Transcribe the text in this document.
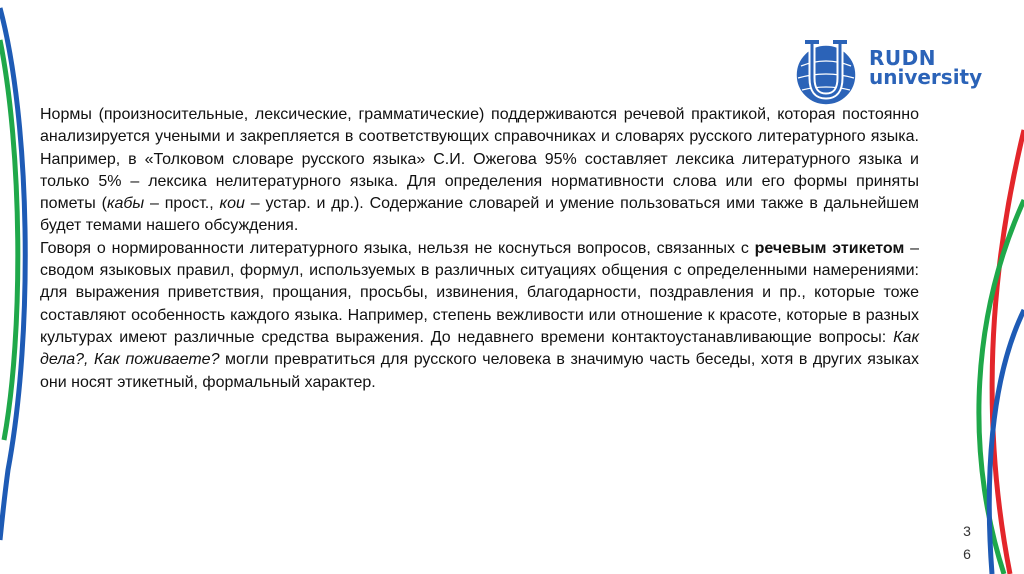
RUDN
university

Нормы (произносительные, лексические, грамматические) поддерживаются речевой практикой, которая постоянно анализируется учеными и закрепляется в соответствующих справочниках и словарях русского литературного языка. Например, в «Толковом словаре русского языка» С.И. Ожегова 95% составляет лексика литературного языка и только 5% – лексика нелитературного языка. Для определения нормативности слова или его формы приняты пометы (кабы – прост., кои – устар. и др.). Содержание словарей и умение пользоваться ими также в дальнейшем будет темами нашего обсуждения.

Говоря о нормированности литературного языка, нельзя не коснуться вопросов, связанных с речевым этикетом – сводом языковых правил, формул, используемых в различных ситуациях общения с определенными намерениями: для выражения приветствия, прощания, просьбы, извинения, благодарности, поздравления и пр., которые тоже составляют особенность каждого языка. Например, степень вежливости или отношение к красоте, которые в разных культурах имеют различные средства выражения. До недавнего времени контактоустанавливающие вопросы: Как дела?, Как поживаете? могли превратиться для русского человека в значимую часть беседы, хотя в других языках они носят этикетный, формальный характер.

3
6
